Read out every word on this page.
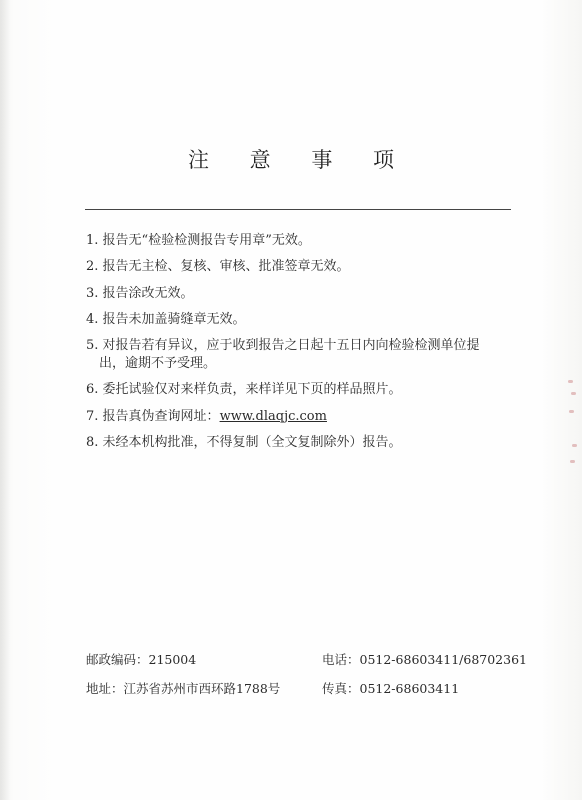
注 意 事 项
1. 报告无“检验检测报告专用章”无效。
2. 报告无主检、复核、审核、批准签章无效。
3. 报告涂改无效。
4. 报告未加盖骑缝章无效。
5. 对报告若有异议，应于收到报告之日起十五日内向检验检测单位提
出，逾期不予受理。
6. 委托试验仅对来样负责，来样详见下页的样品照片。
7. 报告真伪查询网址：www.dlaqjc.com
8. 未经本机构批准，不得复制（全文复制除外）报告。
邮政编码：215004	电话：0512-68603411/68702361
地址：江苏省苏州市西环路1788号	传真：0512-68603411
